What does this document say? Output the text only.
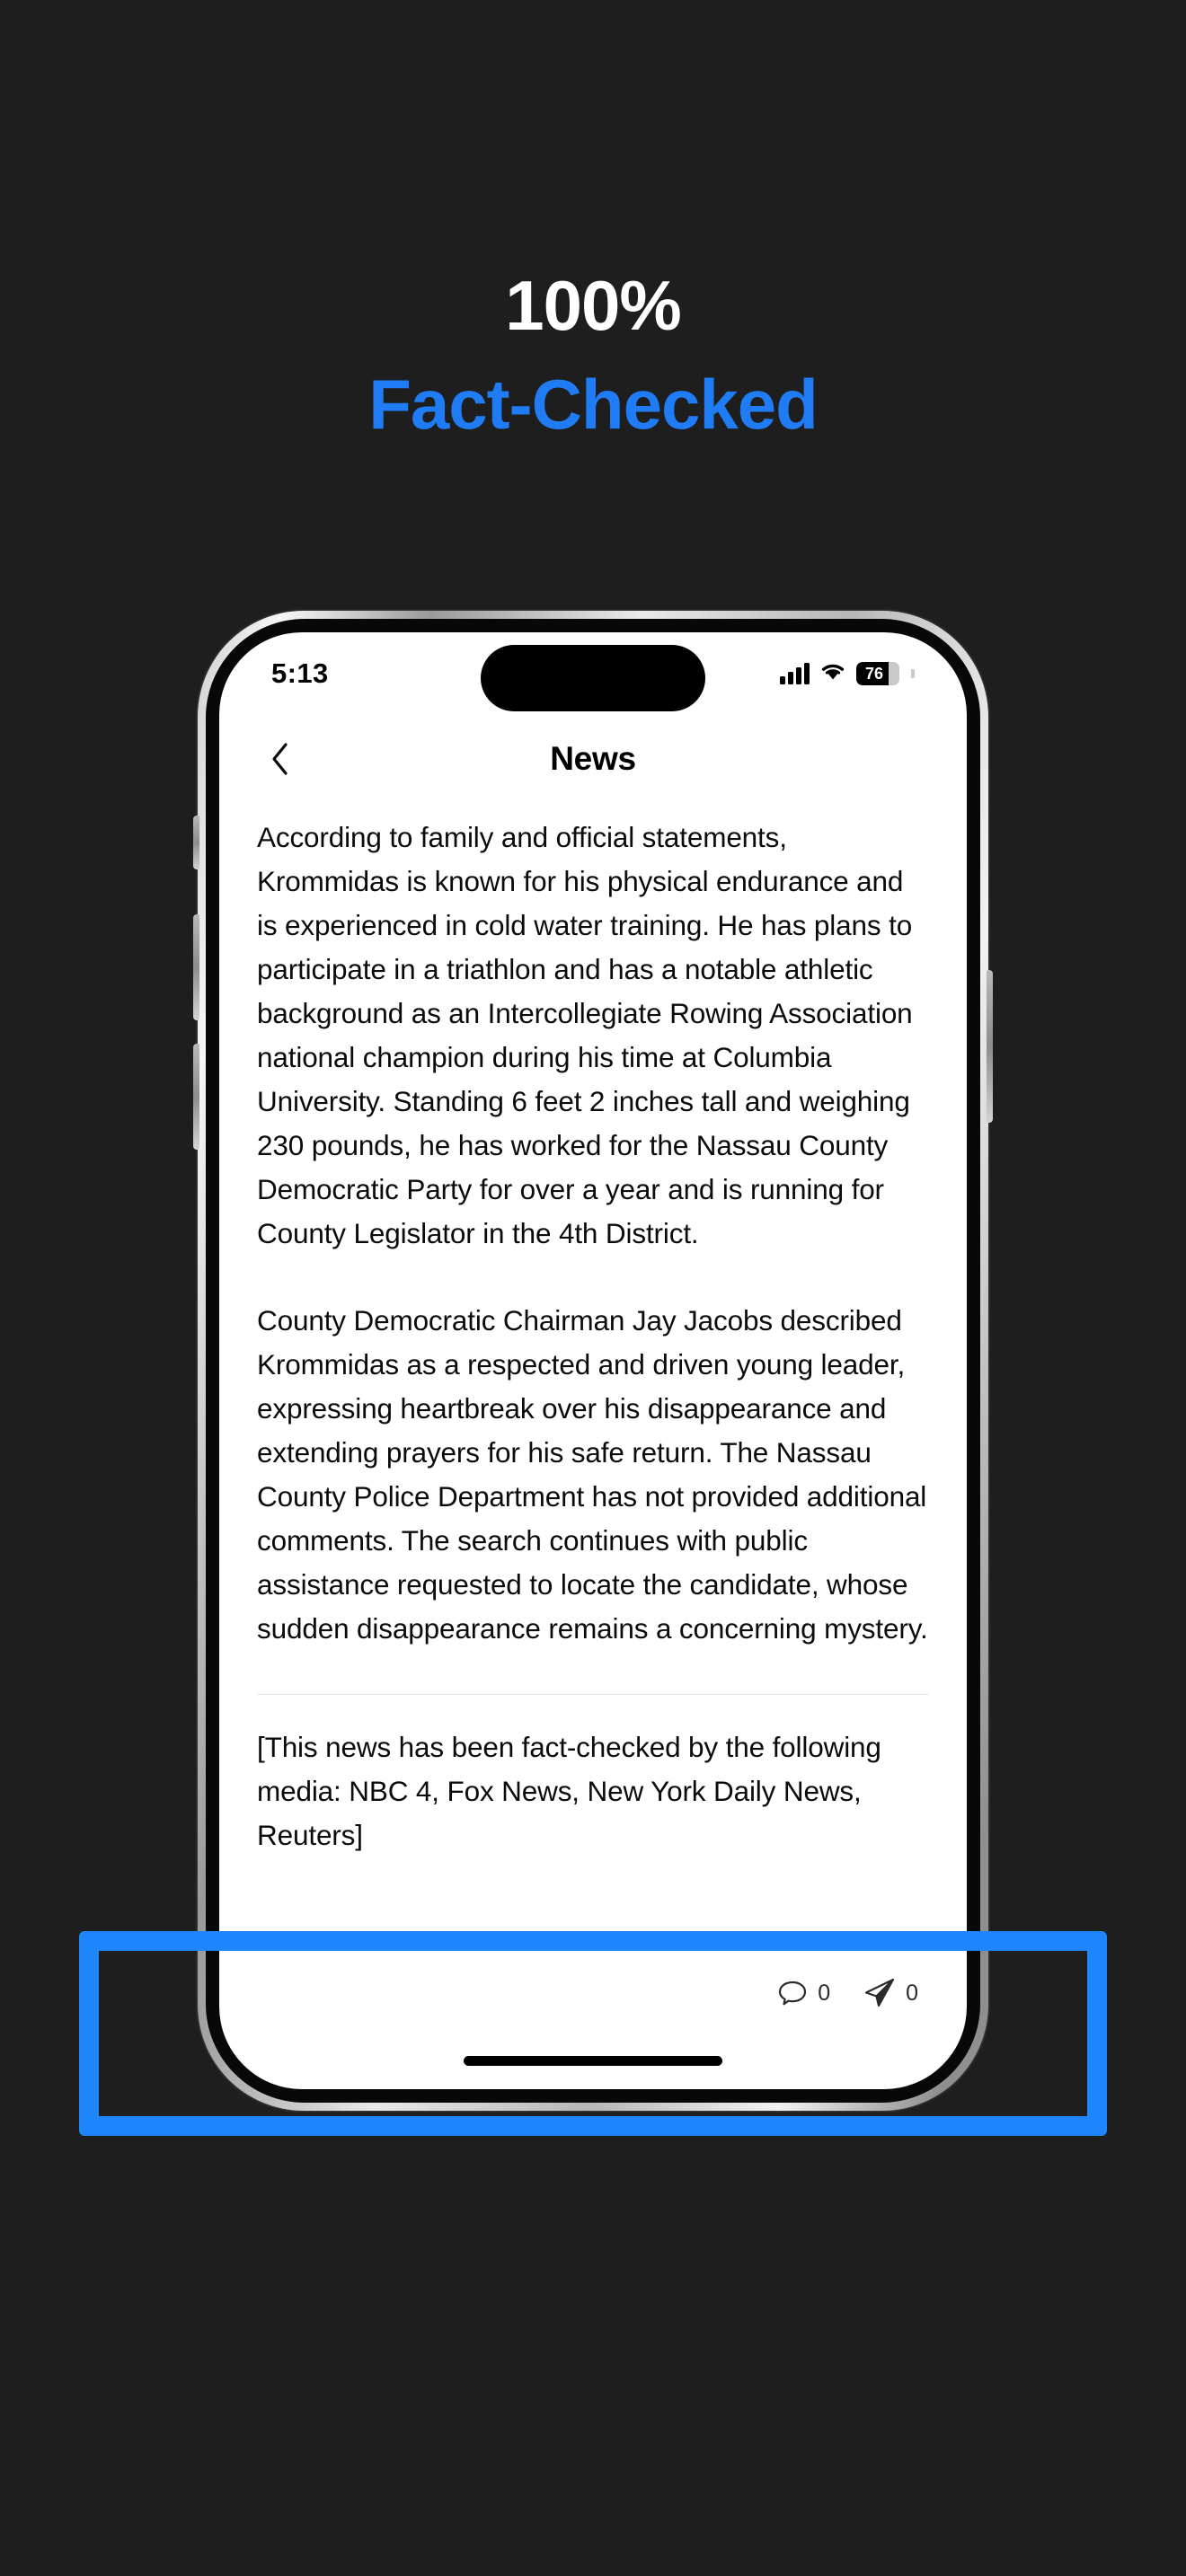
100%
Fact-Checked
5:13	76
News

According to family and official statements, Krommidas is known for his physical endurance and is experienced in cold water training. He has plans to participate in a triathlon and has a notable athletic background as an Intercollegiate Rowing Association national champion during his time at Columbia University. Standing 6 feet 2 inches tall and weighing 230 pounds, he has worked for the Nassau County Democratic Party for over a year and is running for County Legislator in the 4th District.

County Democratic Chairman Jay Jacobs described Krommidas as a respected and driven young leader, expressing heartbreak over his disappearance and extending prayers for his safe return. The Nassau County Police Department has not provided additional comments. The search continues with public assistance requested to locate the candidate, whose sudden disappearance remains a concerning mystery.

[This news has been fact-checked by the following media: NBC 4, Fox News, New York Daily News, Reuters]

0	0
